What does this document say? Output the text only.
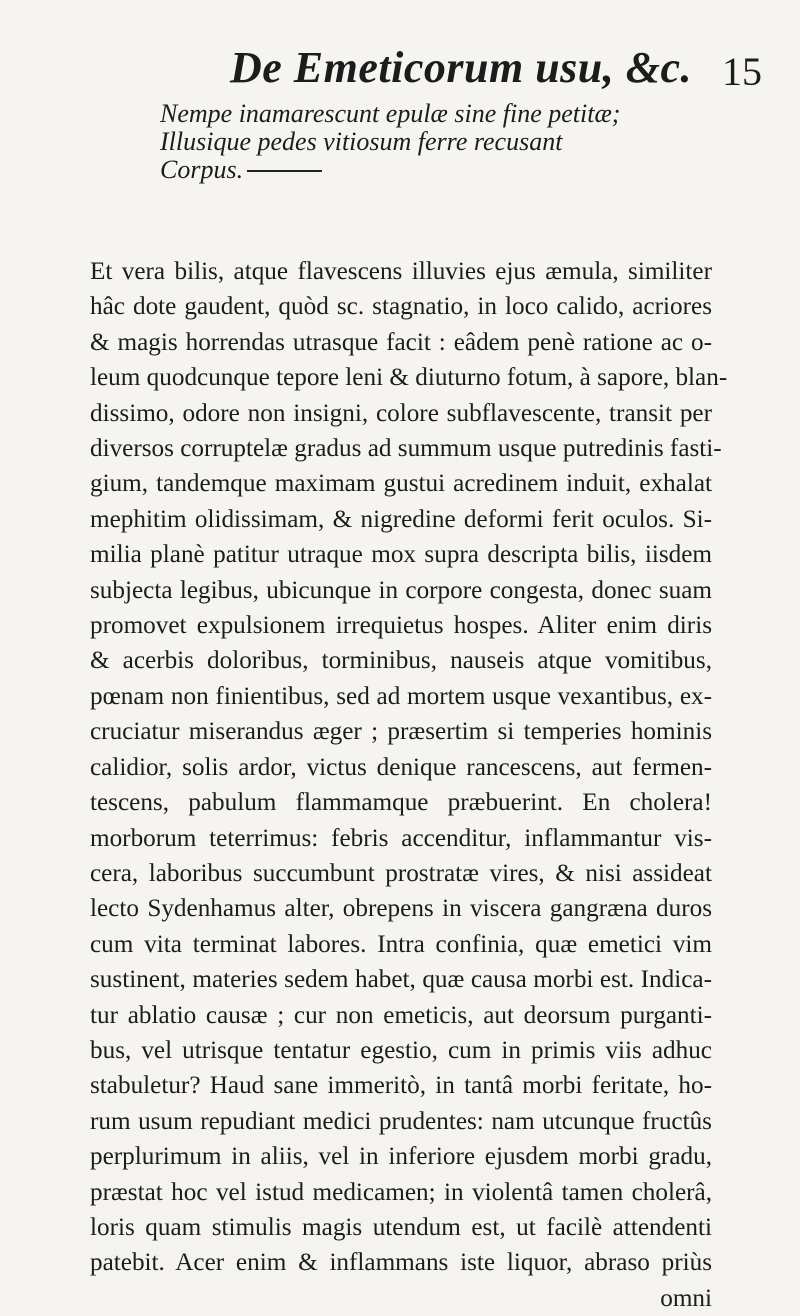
De Emeticorum usu, &c. 15
Nempe inamarescunt epulæ sine fine petitæ;
Illusique pedes vitiosum ferre recusant
Corpus.
Et vera bilis, atque flavescens illuvies ejus æmula, similiter
hâc dote gaudent, quòd sc. stagnatio, in loco calido, acriores
& magis horrendas utrasque facit : eâdem penè ratione ac o-
leum quodcunque tepore leni & diuturno fotum, à sapore, blan-
dissimo, odore non insigni, colore subflavescente, transit per
diversos corruptelæ gradus ad summum usque putredinis fasti-
gium, tandemque maximam gustui acredinem induit, exhalat
mephitim olidissimam, & nigredine deformi ferit oculos. Si-
milia planè patitur utraque mox supra descripta bilis, iisdem
subjecta legibus, ubicunque in corpore congesta, donec suam
promovet expulsionem irrequietus hospes. Aliter enim diris
& acerbis doloribus, torminibus, nauseis atque vomitibus,
pœnam non finientibus, sed ad mortem usque vexantibus, ex-
cruciatur miserandus æger ; præsertim si temperies hominis
calidior, solis ardor, victus denique rancescens, aut fermen-
tescens, pabulum flammamque præbuerint. En cholera!
morborum teterrimus: febris accenditur, inflammantur vis-
cera, laboribus succumbunt prostratæ vires, & nisi assideat
lecto Sydenhamus alter, obrepens in viscera gangræna duros
cum vita terminat labores. Intra confinia, quæ emetici vim
sustinent, materies sedem habet, quæ causa morbi est. Indica-
tur ablatio causæ ; cur non emeticis, aut deorsum purganti-
bus, vel utrisque tentatur egestio, cum in primis viis adhuc
stabuletur? Haud sane immeritò, in tantâ morbi feritate, ho-
rum usum repudiant medici prudentes: nam utcunque fructûs
perplurimum in aliis, vel in inferiore ejusdem morbi gradu,
præstat hoc vel istud medicamen; in violentâ tamen cholerâ,
loris quam stimulis magis utendum est, ut facilè attendenti
patebit. Acer enim & inflammans iste liquor, abraso priùs
omni
